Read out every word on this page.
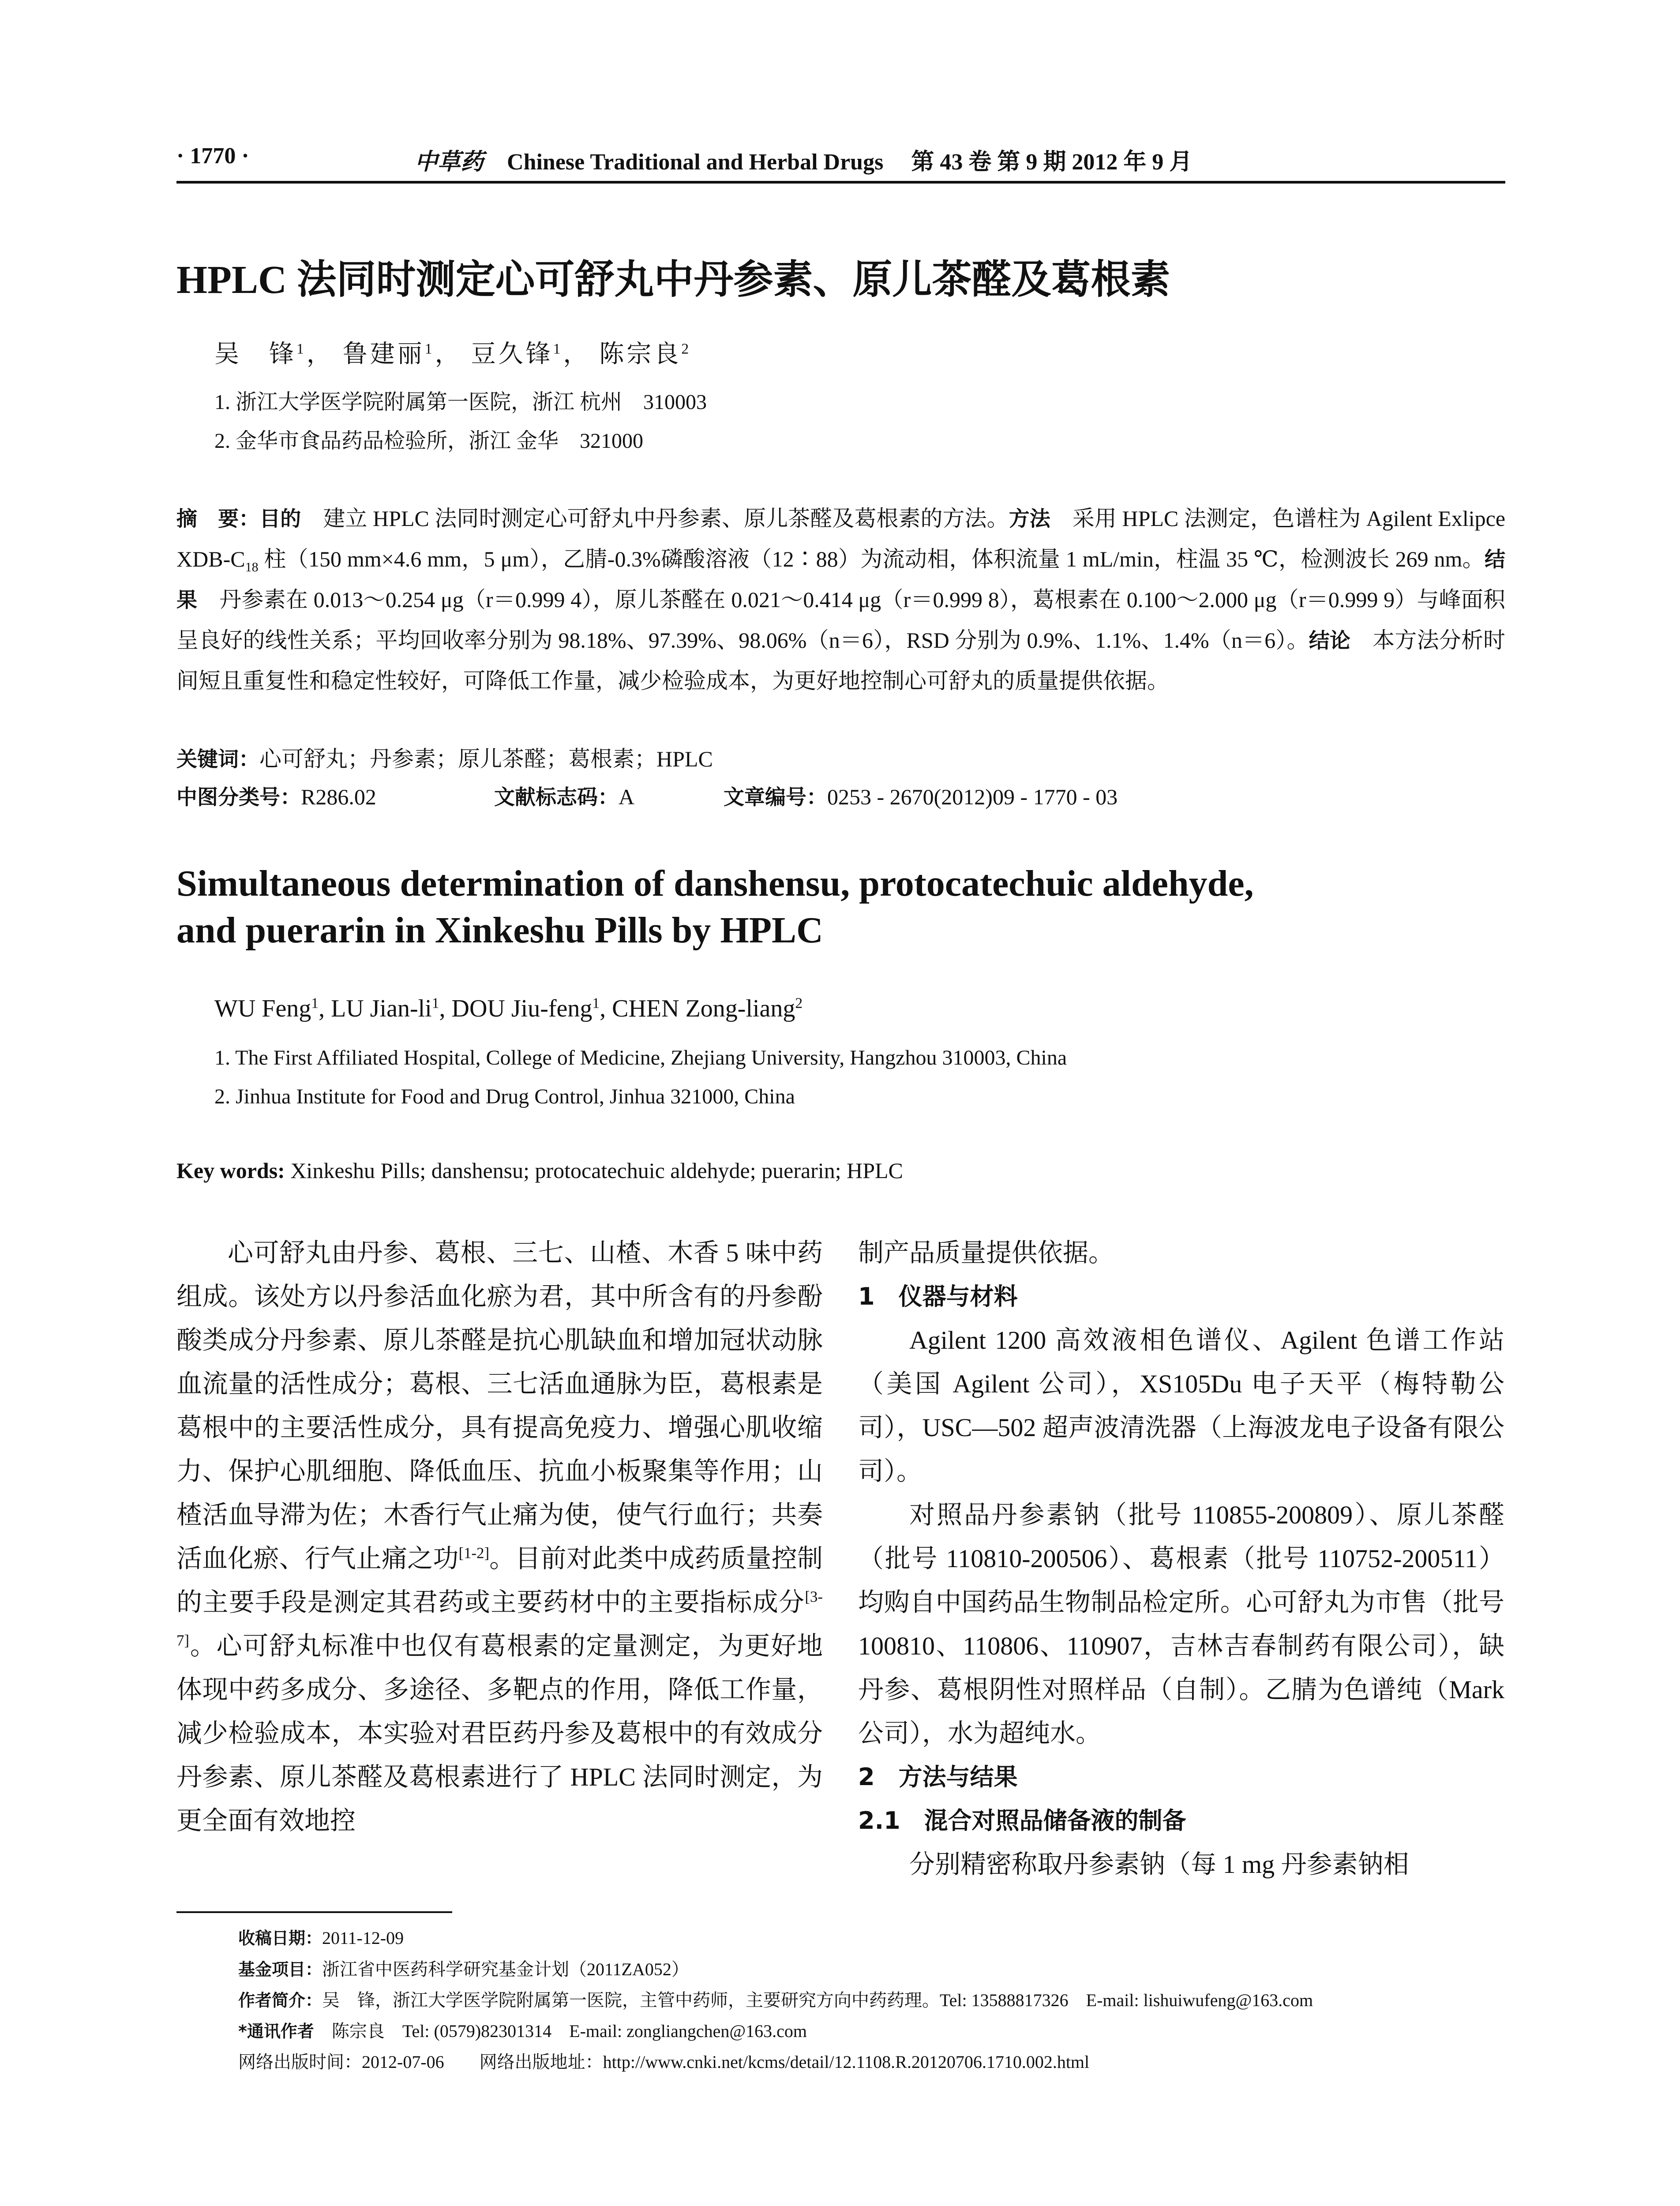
· 1770 ·	中草药 Chinese Traditional and Herbal Drugs 第 43 卷 第 9 期 2012 年 9 月
HPLC 法同时测定心可舒丸中丹参素、原儿茶醛及葛根素
吴　锋$^1$， 鲁建丽$^1$， 豆久锋$^1$， 陈宗良$^2$
1. 浙江大学医学院附属第一医院，浙江 杭州　310003
2. 金华市食品药品检验所，浙江 金华　321000
摘　要：目的　 建立 HPLC 法同时测定心可舒丸中丹参素、原儿茶醛及葛根素的方法。方法　 采用 HPLC 法测定，色谱柱为 Agilent Exlipce XDB-$C_{18}$ 柱（150 mm×4.6 mm，5 μm），乙腈-0.3%磷酸溶液（12∶88）为流动相，体积流量 1 mL/min，柱温 35 ℃，检测波长 269 nm。结果　 丹参素在 0.013～0.254 μg（r＝0.999 4），原儿茶醛在 0.021～0.414 μg（r＝0.999 8），葛根素在 0.100～2.000 μg（r＝0.999 9）与峰面积呈良好的线性关系；平均回收率分别为 98.18%、97.39%、98.06%（n＝6），RSD 分别为 0.9%、1.1%、1.4%（n＝6）。结论　 本方法分析时间短且重复性和稳定性较好，可降低工作量，减少检验成本，为更好地控制心可舒丸的质量提供依据。
关键词：心可舒丸；丹参素；原儿茶醛；葛根素；HPLC
中图分类号：R286.02	文献标志码：A	文章编号：0253 - 2670(2012)09 - 1770 - 03
Simultaneous determination of danshensu, protocatechuic aldehyde,
and puerarin in Xinkeshu Pills by HPLC
WU Feng$^1$, LU Jian-$li^1$, DOU Jiu-feng$^1$, CHEN Zong-liang$^2$
1. The First Affiliated Hospital, College of Medicine, Zhejiang University, Hangzhou 310003, China
2. Jinhua Institute for Food and Drug Control, Jinhua 321000, China
Key words: Xinkeshu Pills; danshensu; protocatechuic aldehyde; puerarin; HPLC

心可舒丸由丹参、葛根、三七、山楂、木香 5 味中药组成。该处方以丹参活血化瘀为君，其中所含有的丹参酚酸类成分丹参素、原儿茶醛是抗心肌缺血和增加冠状动脉血流量的活性成分；葛根、三七活血通脉为臣，葛根素是葛根中的主要活性成分，具有提高免疫力、增强心肌收缩力、保护心肌细胞、降低血压、抗血小板聚集等作用；山楂活血导滞为佐；木香行气止痛为使，使气行血行；共奏活血化瘀、行气止痛之功[1-2]。目前对此类中成药质量控制的主要手段是测定其君药或主要药材中的主要指标成分[3-7]。心可舒丸标准中也仅有葛根素的定量测定，为更好地体现中药多成分、多途径、多靶点的作用，降低工作量，减少检验成本，本实验对君臣药丹参及葛根中的有效成分丹参素、原儿茶醛及葛根素进行了 HPLC 法同时测定，为更全面有效地控

制产品质量提供依据。

1　仪器与材料

Agilent 1200 高效液相色谱仪、Agilent 色谱工作站（美国 Agilent 公司），XS105Du 电子天平（梅特勒公司），USC—502 超声波清洗器（上海波龙电子设备有限公司）。

对照品丹参素钠（批号 110855-200809）、原儿茶醛（批号 110810-200506）、葛根素（批号 110752-200511）均购自中国药品生物制品检定所。心可舒丸为市售（批号 100810、110806、110907，吉林吉春制药有限公司），缺丹参、葛根阴性对照样品（自制）。乙腈为色谱纯（Mark 公司），水为超纯水。

2　方法与结果

2.1　混合对照品储备液的制备

分别精密称取丹参素钠（每 1 mg 丹参素钠相

收稿日期：2011-12-09
基金项目：浙江省中医药科学研究基金计划（2011ZA052）
作者简介：吴　锋，浙江大学医学院附属第一医院，主管中药师，主要研究方向中药药理。Tel: 13588817326　E-mail: lishuiwufeng@163.com
*通讯作者　陈宗良　Tel: (0579)82301314　E-mail: zongliangchen@163.com
网络出版时间：2012-07-06　　网络出版地址：http://www.cnki.net/kcms/detail/12.1108.R.20120706.1710.002.html
